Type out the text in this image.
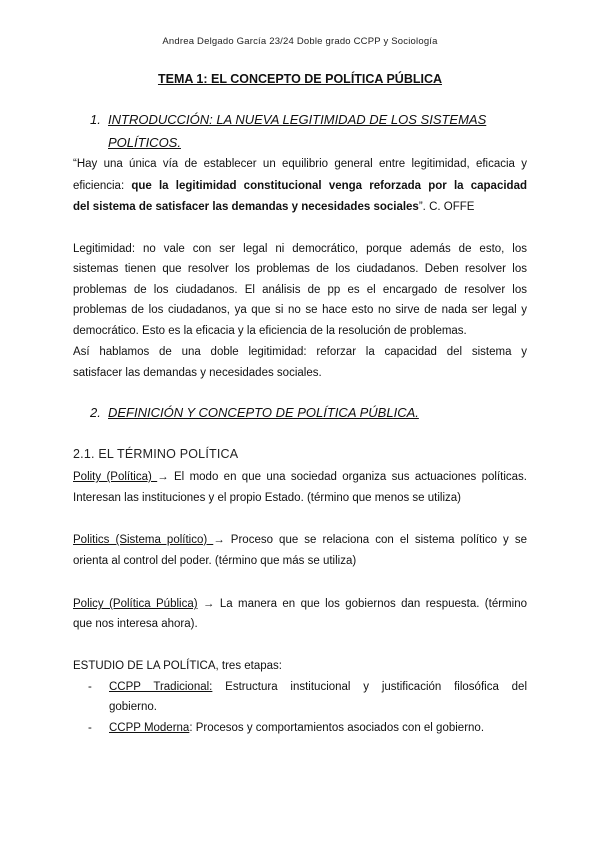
Andrea Delgado García 23/24 Doble grado CCPP y Sociología
TEMA 1: EL CONCEPTO DE POLÍTICA PÚBLICA
1. INTRODUCCIÓN: LA NUEVA LEGITIMIDAD DE LOS SISTEMAS
POLÍTICOS.
“Hay una única vía de establecer un equilibrio general entre legitimidad, eficacia y
eficiencia: que la legitimidad constitucional venga reforzada por la capacidad
del sistema de satisfacer las demandas y necesidades sociales”. C. OFFE
Legitimidad: no vale con ser legal ni democrático, porque además de esto, los
sistemas tienen que resolver los problemas de los ciudadanos. Deben resolver los
problemas de los ciudadanos. El análisis de pp es el encargado de resolver los
problemas de los ciudadanos, ya que si no se hace esto no sirve de nada ser legal y
democrático. Esto es la eficacia y la eficiencia de la resolución de problemas.
Así hablamos de una doble legitimidad: reforzar la capacidad del sistema y
satisfacer las demandas y necesidades sociales.
2. DEFINICIÓN Y CONCEPTO DE POLÍTICA PÚBLICA.
2.1. EL TÉRMINO POLÍTICA
Polity (Política) → El modo en que una sociedad organiza sus actuaciones políticas.
Interesan las instituciones y el propio Estado. (término que menos se utiliza)
Politics (Sistema político) → Proceso que se relaciona con el sistema político y se
orienta al control del poder. (término que más se utiliza)
Policy (Política Pública) → La manera en que los gobiernos dan respuesta. (término
que nos interesa ahora).
ESTUDIO DE LA POLÍTICA, tres etapas:
- CCPP Tradicional: Estructura institucional y justificación filosófica del
gobierno.
- CCPP Moderna: Procesos y comportamientos asociados con el gobierno.
